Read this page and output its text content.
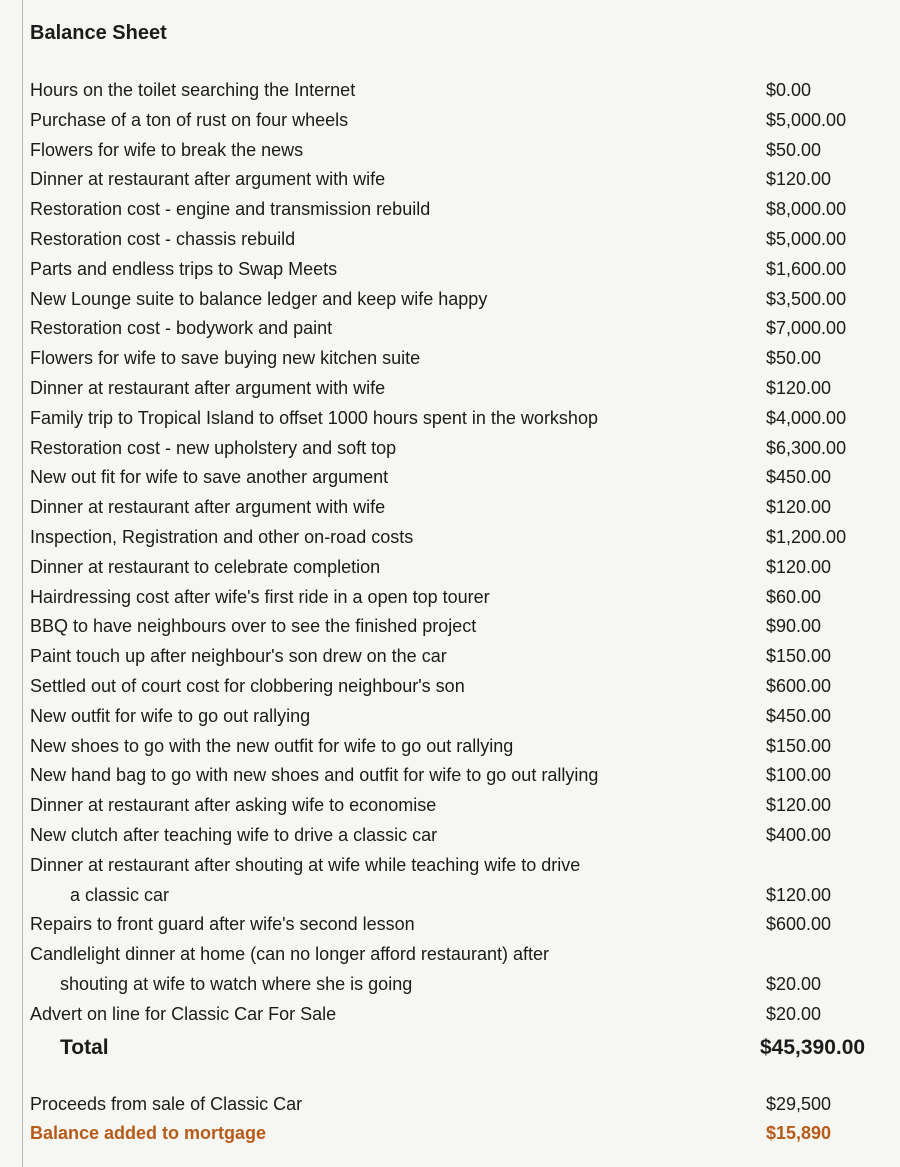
Balance Sheet
Hours on the toilet searching the Internet	$0.00
Purchase of a ton of rust on four wheels	$5,000.00
Flowers for wife to break the news	$50.00
Dinner at restaurant after argument with wife	$120.00
Restoration cost - engine and transmission rebuild	$8,000.00
Restoration cost - chassis rebuild	$5,000.00
Parts and endless trips to Swap Meets	$1,600.00
New Lounge suite to balance ledger and keep wife happy	$3,500.00
Restoration cost - bodywork and paint	$7,000.00
Flowers for wife to save buying new kitchen suite	$50.00
Dinner at restaurant after argument with wife	$120.00
Family trip to Tropical Island to offset 1000 hours spent in the workshop	$4,000.00
Restoration cost - new upholstery and soft top	$6,300.00
New out fit for wife to save another argument	$450.00
Dinner at restaurant after argument with wife	$120.00
Inspection, Registration and other on-road costs	$1,200.00
Dinner at restaurant to celebrate completion	$120.00
Hairdressing cost after wife's first ride in a open top tourer	$60.00
BBQ to have neighbours over to see the finished project	$90.00
Paint touch up after neighbour's son drew on the car	$150.00
Settled out of court cost for clobbering neighbour's son	$600.00
New outfit for wife to go out rallying	$450.00
New shoes to go with the new outfit for wife to go out rallying	$150.00
New hand bag to go with new shoes and outfit for wife to go out rallying	$100.00
Dinner at restaurant after asking wife to economise	$120.00
New clutch after teaching wife to drive a classic car	$400.00
Dinner at restaurant after shouting at wife while teaching wife to drive
a classic car	$120.00
Repairs to front guard after wife's second lesson	$600.00
Candlelight dinner at home (can no longer afford restaurant) after
shouting at wife to watch where she is going	$20.00
Advert on line for Classic Car For Sale	$20.00
Total	$45,390.00
Proceeds from sale of Classic Car	$29,500
Balance added to mortgage	$15,890
